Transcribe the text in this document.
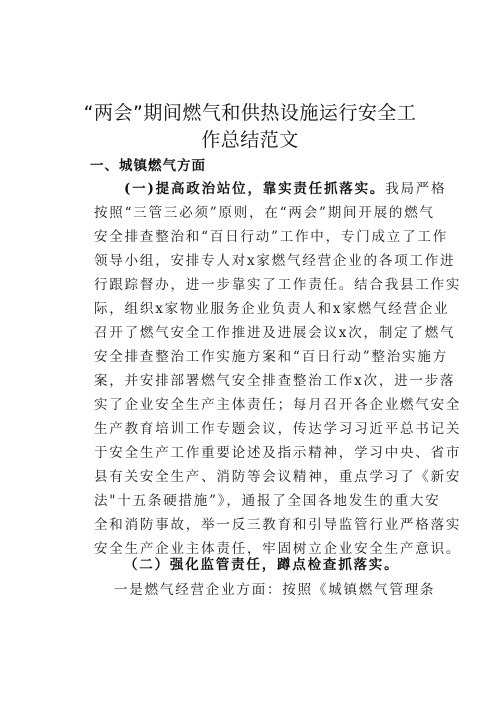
“两会”期间燃气和供热设施运行安全工
作总结范文
一、城镇燃气方面
(一)提高政治站位，靠实责任抓落实。我局严格
按照“三管三必须”原则，在“两会”期间开展的燃气
安全排查整治和“百日行动”工作中，专门成立了工作
领导小组，安排专人对x家燃气经营企业的各项工作进
行跟踪督办，进一步靠实了工作责任。结合我县工作实
际，组织x家物业服务企业负责人和x家燃气经营企业
召开了燃气安全工作推进及进展会议x次，制定了燃气
安全排查整治工作实施方案和“百日行动”整治实施方
案，并安排部署燃气安全排查整治工作x次，进一步落
实了企业安全生产主体责任；每月召开各企业燃气安全
生产教育培训工作专题会议，传达学习习近平总书记关
于安全生产工作重要论述及指示精神，学习中央、省市
县有关安全生产、消防等会议精神，重点学习了《新安
法"十五条硬措施”》，通报了全国各地发生的重大安
全和消防事故，举一反三教育和引导监管行业严格落实
安全生产企业主体责任，牢固树立企业安全生产意识。
（二）强化监管责任，蹲点检查抓落实。
一是燃气经营企业方面：按照《城镇燃气管理条
